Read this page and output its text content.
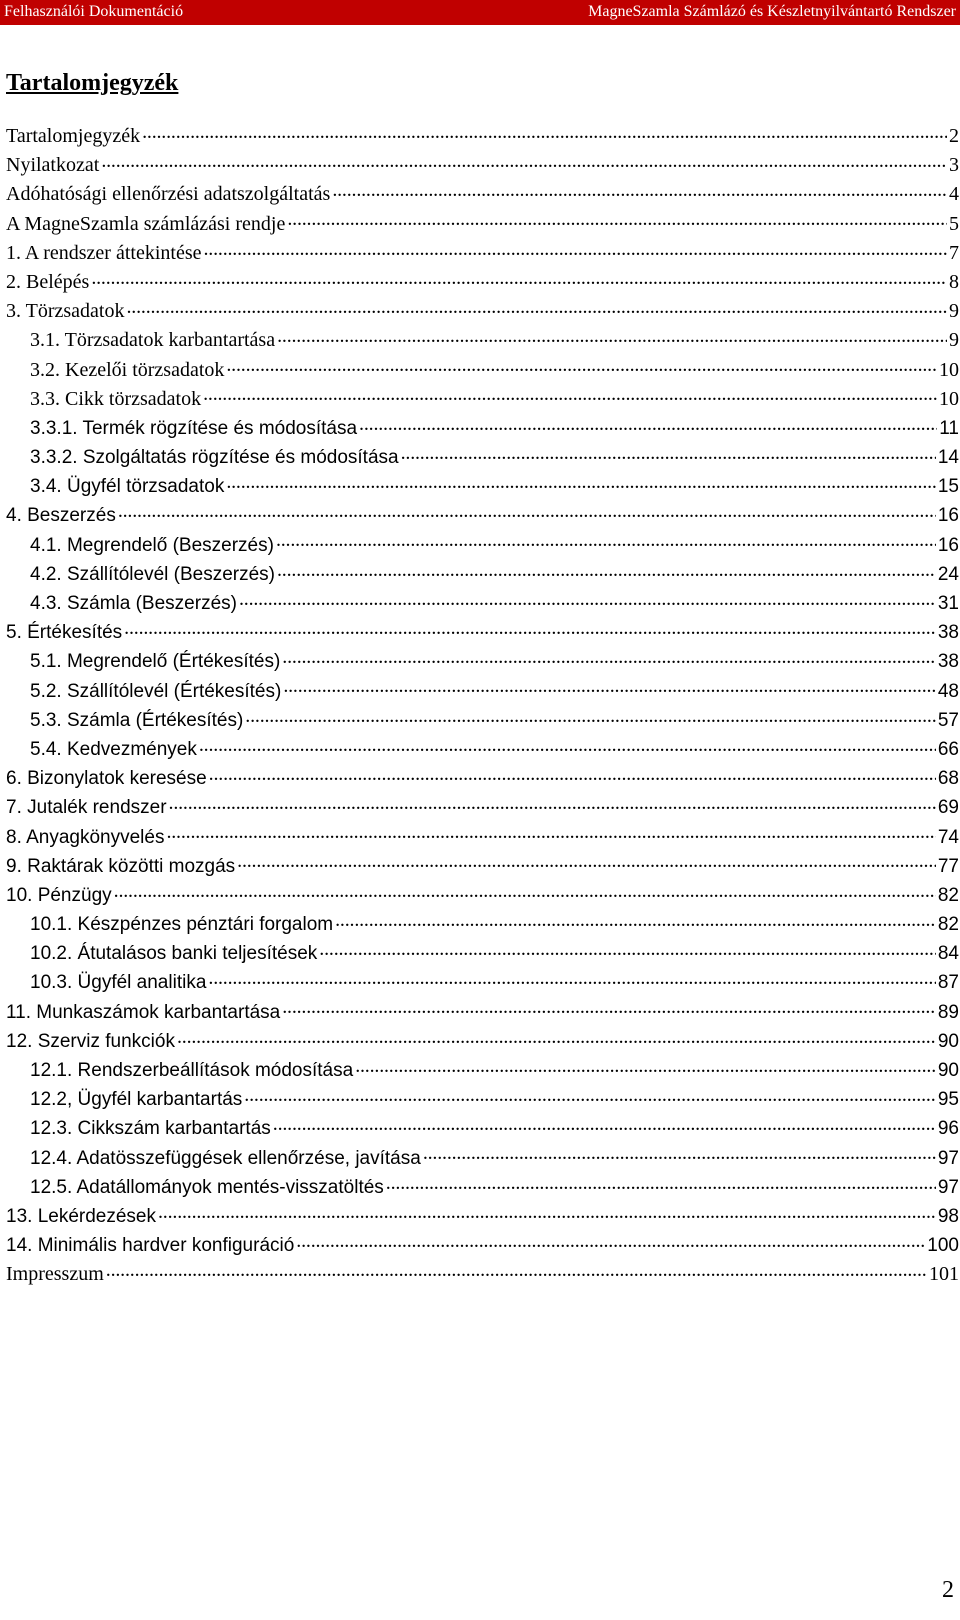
Felhasználói Dokumentáció	MagneSzamla Számlázó és Készletnyilvántartó Rendszer
Tartalomjegyzék
Tartalomjegyzék . . .	2
Nyilatkozat . . .	3
Adóhatósági ellenőrzési adatszolgáltatás . . .	4
A MagneSzamla számlázási rendje . . .	5
1. A rendszer áttekintése . . .	7
2. Belépés . . .	8
3. Törzsadatok . . .	9
3.1. Törzsadatok karbantartása . . .	9
3.2. Kezelői törzsadatok . . .	10
3.3. Cikk törzsadatok . . .	10
3.3.1. Termék rögzítése és módosítása . . .	11
3.3.2. Szolgáltatás rögzítése és módosítása . . .	14
3.4. Ügyfél törzsadatok . . .	15
4. Beszerzés . . .	16
4.1. Megrendelő (Beszerzés) . . .	16
4.2. Szállítólevél (Beszerzés) . . .	24
4.3. Számla (Beszerzés) . . .	31
5. Értékesítés . . .	38
5.1. Megrendelő (Értékesítés) . . .	38
5.2. Szállítólevél (Értékesítés) . . .	48
5.3. Számla (Értékesítés) . . .	57
5.4. Kedvezmények . . .	66
6. Bizonylatok keresése . . .	68
7. Jutalék rendszer . . .	69
8. Anyagkönyvelés . . .	74
9. Raktárak közötti mozgás . . .	77
10. Pénzügy . . .	82
10.1. Készpénzes pénztári forgalom . . .	82
10.2. Átutalásos banki teljesítések . . .	84
10.3. Ügyfél analitika . . .	87
11. Munkaszámok karbantartása . . .	89
12. Szerviz funkciók . . .	90
12.1. Rendszerbeállítások módosítása . . .	90
12.2, Ügyfél karbantartás . . .	95
12.3. Cikkszám karbantartás . . .	96
12.4. Adatösszefüggések ellenőrzése, javítása . . .	97
12.5. Adatállományok mentés-visszatöltés . . .	97
13. Lekérdezések . . .	98
14. Minimális hardver konfiguráció . . .	100
Impresszum . . .	101
2
